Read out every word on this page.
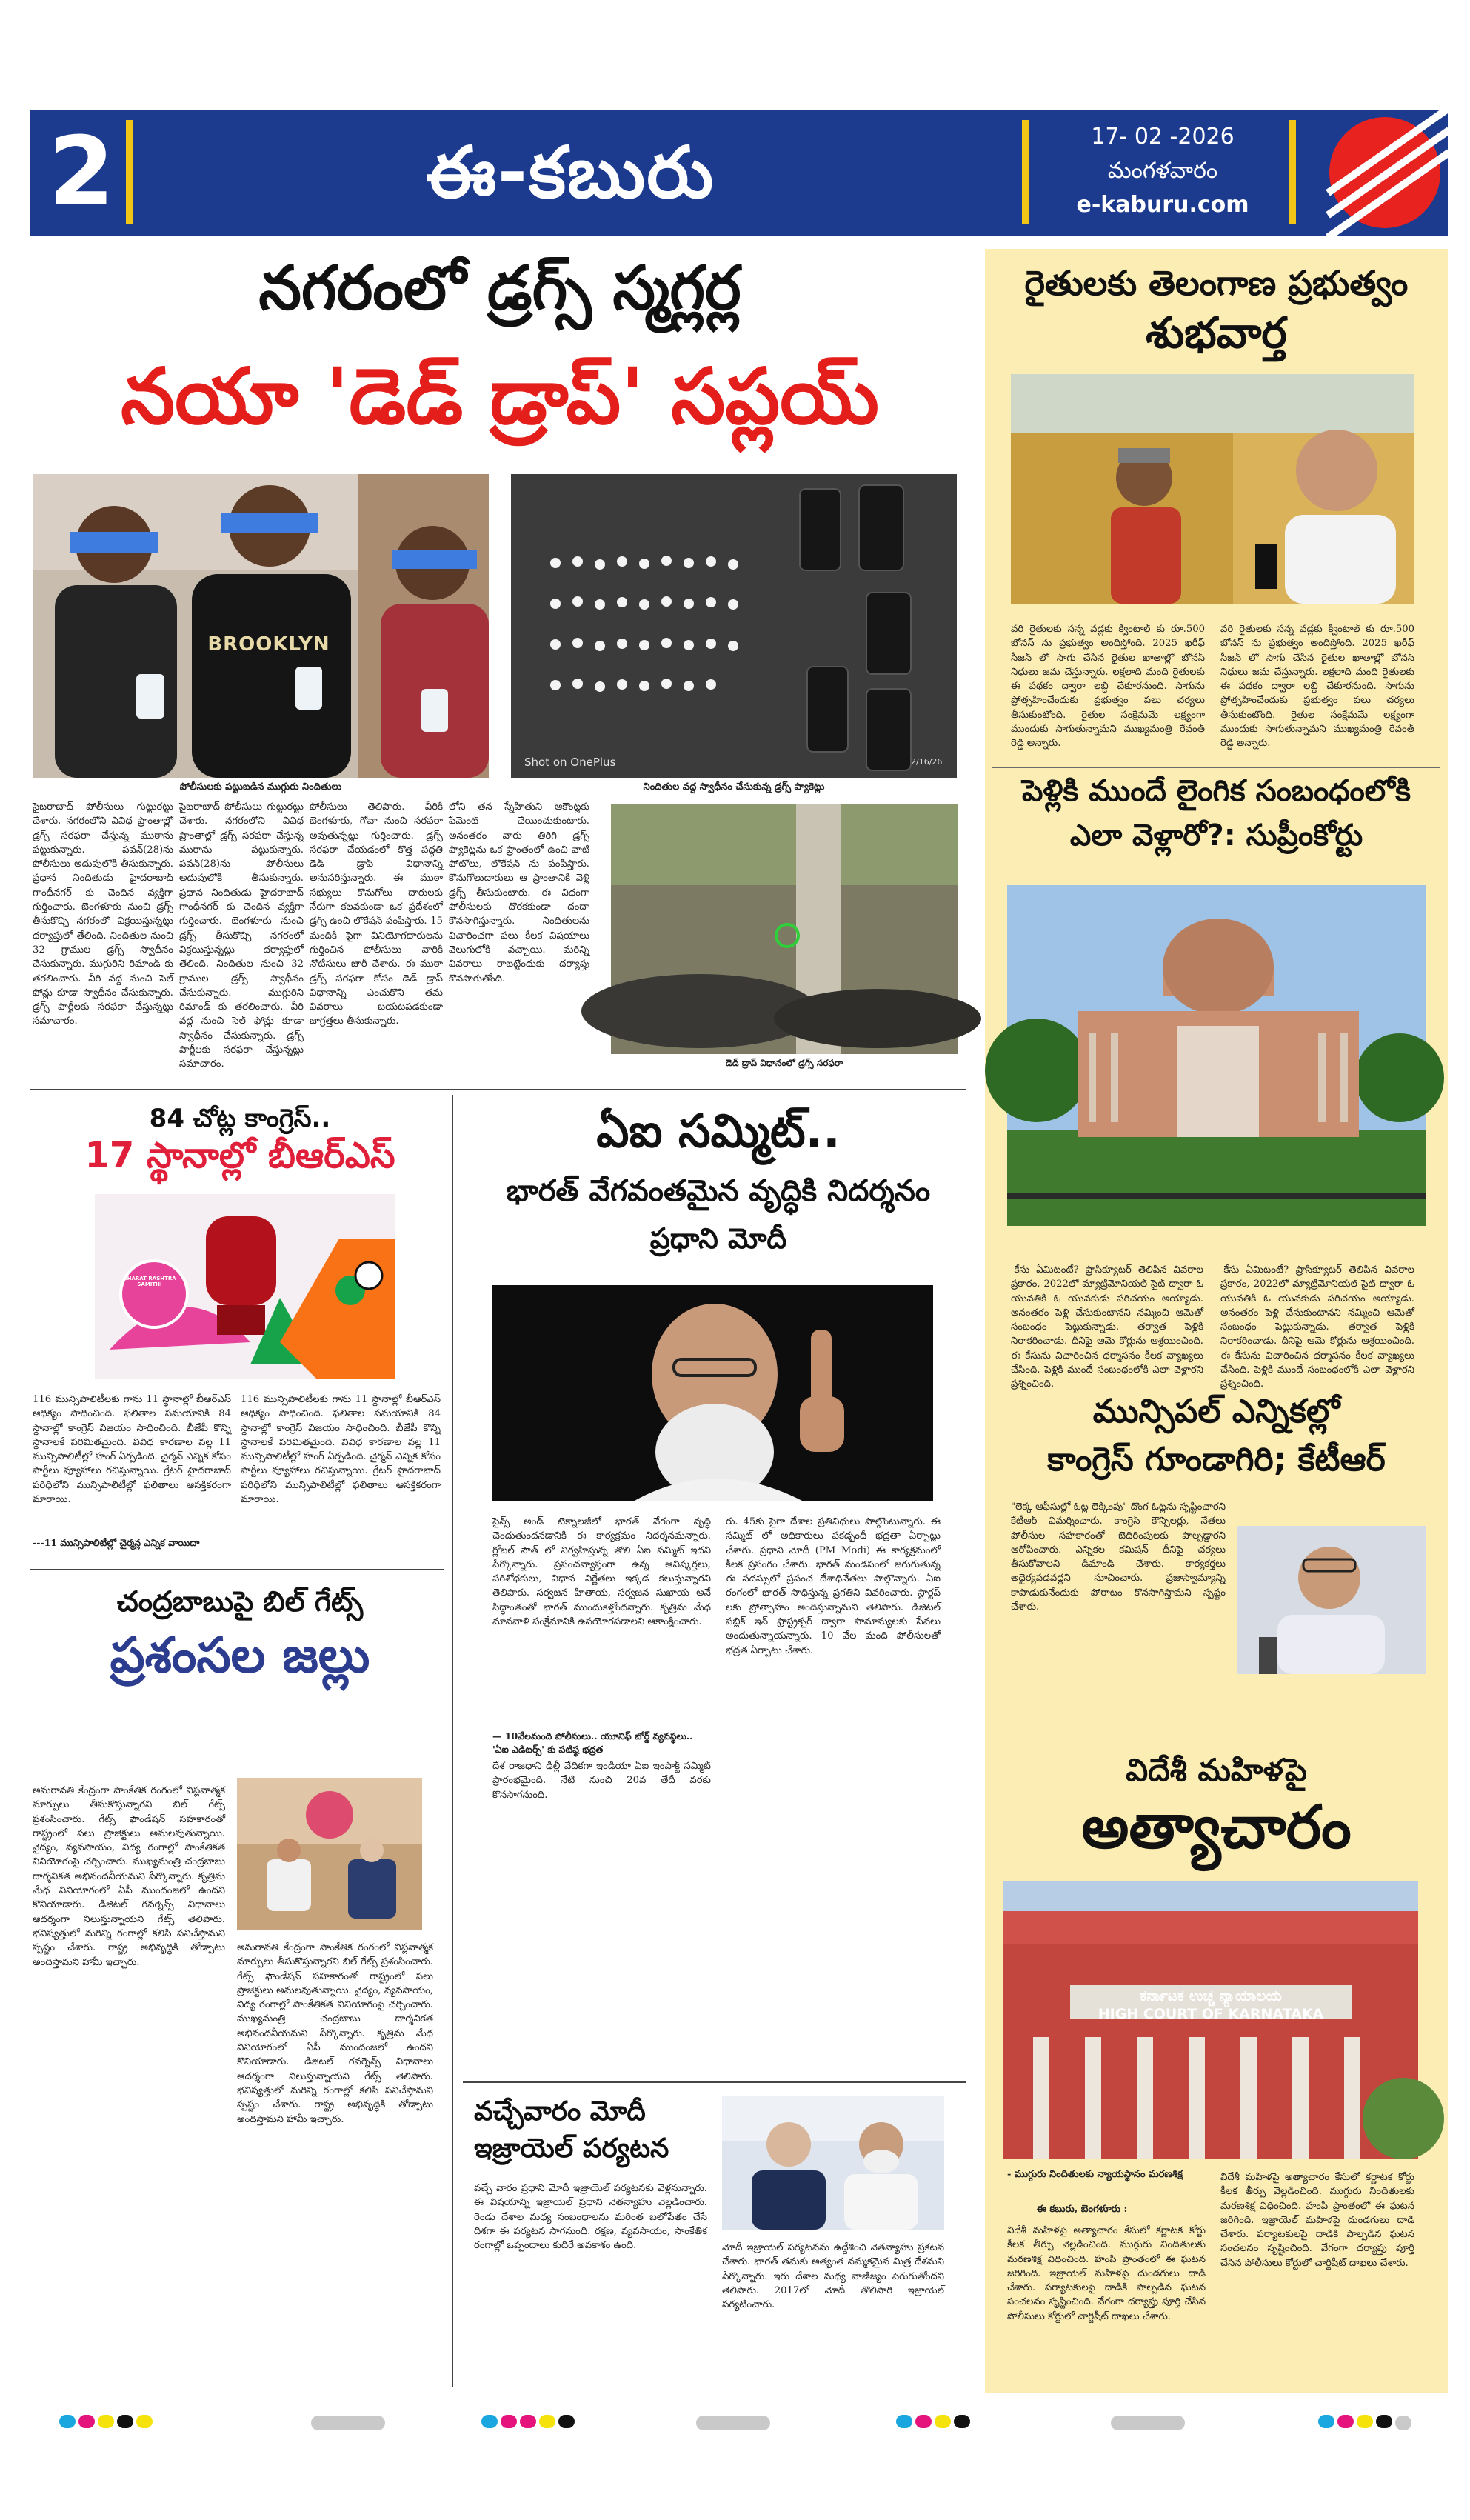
2	ఈ-కబురు	17- 02 -2026
మంగళవారం
e-kaburu.com
నగరంలో డ్రగ్స్ స్మగ్లర్ల
నయా 'డెడ్ డ్రాప్' సప్లయ్
BROOKLYN
పోలీసులకు పట్టుబడిన ముగ్గురు నిందితులు
Shot on OnePlus	2/16/26
నిందితుల వద్ద స్వాధీనం చేసుకున్న డ్రగ్స్ ప్యాకెట్లు
సైబరాబాద్ పోలీసులు గుట్టురట్టు చేశారు. నగరంలోని వివిధ ప్రాంతాల్లో డ్రగ్స్ సరఫరా చేస్తున్న ముఠాను పట్టుకున్నారు. పవన్(28)ను పోలీసులు అదుపులోకి తీసుకున్నారు. ప్రధాన నిందితుడు హైదరాబాద్ గాంధీనగర్ కు చెందిన వ్యక్తిగా గుర్తించారు. బెంగళూరు నుంచి డ్రగ్స్ తీసుకొచ్చి నగరంలో విక్రయిస్తున్నట్లు దర్యాప్తులో తేలింది. నిందితుల నుంచి 32 గ్రాముల డ్రగ్స్ స్వాధీనం చేసుకున్నారు. ముగ్గురిని రిమాండ్ కు తరలించారు. వీరి వద్ద నుంచి సెల్ ఫోన్లు కూడా స్వాధీనం చేసుకున్నారు. డ్రగ్స్ పార్టీలకు సరఫరా చేస్తున్నట్లు సమాచారం.
సైబరాబాద్ పోలీసులు గుట్టురట్టు చేశారు. నగరంలోని వివిధ ప్రాంతాల్లో డ్రగ్స్ సరఫరా చేస్తున్న ముఠాను పట్టుకున్నారు. పవన్(28)ను పోలీసులు అదుపులోకి తీసుకున్నారు. ప్రధాన నిందితుడు హైదరాబాద్ గాంధీనగర్ కు చెందిన వ్యక్తిగా గుర్తించారు. బెంగళూరు నుంచి డ్రగ్స్ తీసుకొచ్చి నగరంలో విక్రయిస్తున్నట్లు దర్యాప్తులో తేలింది. నిందితుల నుంచి 32 గ్రాముల డ్రగ్స్ స్వాధీనం చేసుకున్నారు. ముగ్గురిని రిమాండ్ కు తరలించారు. వీరి వద్ద నుంచి సెల్ ఫోన్లు కూడా స్వాధీనం చేసుకున్నారు. డ్రగ్స్ పార్టీలకు సరఫరా చేస్తున్నట్లు సమాచారం.
పోలీసులు తెలిపారు. వీరికి బెంగళూరు, గోవా నుంచి సరఫరా అవుతున్నట్లు గుర్తించారు. డ్రగ్స్ సరఫరా చేయడంలో కొత్త పద్ధతి డెడ్ డ్రాప్ విధానాన్ని అనుసరిస్తున్నారు. ఈ ముఠా సభ్యులు కొనుగోలు దారులకు నేరుగా కలవకుండా ఒక ప్రదేశంలో డ్రగ్స్ ఉంచి లొకేషన్ పంపిస్తారు. 15 మందికి పైగా వినియోగదారులను గుర్తించిన పోలీసులు వారికి నోటీసులు జారీ చేశారు. ఈ ముఠా డ్రగ్స్ సరఫరా కోసం డెడ్ డ్రాప్ విధానాన్ని ఎంచుకొని తమ వివరాలు బయటపడకుండా జాగ్రత్తలు తీసుకున్నారు.
లోని తన స్నేహితుని ఆకౌంట్లకు పేమెంట్ చేయించుకుంటారు. అనంతరం వారు తిరిగి డ్రగ్స్ ప్యాకెట్లను ఒక ప్రాంతంలో ఉంచి వాటి ఫోటోలు, లొకేషన్ ను పంపిస్తారు. కొనుగోలుదారులు ఆ ప్రాంతానికి వెళ్లి డ్రగ్స్ తీసుకుంటారు. ఈ విధంగా పోలీసులకు దొరకకుండా దందా కొనసాగిస్తున్నారు. నిందితులను విచారించగా పలు కీలక విషయాలు వెలుగులోకి వచ్చాయి. మరిన్ని వివరాలు రాబట్టేందుకు దర్యాప్తు కొనసాగుతోంది.
డెడ్ డ్రాప్ విధానంలో డ్రగ్స్ సరఫరా
84 చోట్ల కాంగ్రెస్..
17 స్థానాల్లో బీఆర్ఎస్
BHARAT RASHTRA SAMITHI
116 మున్సిపాలిటీలకు గాను 11 స్థానాల్లో బీఆర్ఎస్ ఆధిక్యం సాధించింది. ఫలితాల సమయానికి 84 స్థానాల్లో కాంగ్రెస్ విజయం సాధించింది. బీజేపీ కొన్ని స్థానాలకే పరిమితమైంది. వివిధ కారణాల వల్ల 11 మున్సిపాలిటీల్లో హంగ్ ఏర్పడింది. చైర్మన్ ఎన్నిక కోసం పార్టీలు వ్యూహాలు రచిస్తున్నాయి. గ్రేటర్ హైదరాబాద్ పరిధిలోని మున్సిపాలిటీల్లో ఫలితాలు ఆసక్తికరంగా మారాయి.
116 మున్సిపాలిటీలకు గాను 11 స్థానాల్లో బీఆర్ఎస్ ఆధిక్యం సాధించింది. ఫలితాల సమయానికి 84 స్థానాల్లో కాంగ్రెస్ విజయం సాధించింది. బీజేపీ కొన్ని స్థానాలకే పరిమితమైంది. వివిధ కారణాల వల్ల 11 మున్సిపాలిటీల్లో హంగ్ ఏర్పడింది. చైర్మన్ ఎన్నిక కోసం పార్టీలు వ్యూహాలు రచిస్తున్నాయి. గ్రేటర్ హైదరాబాద్ పరిధిలోని మున్సిపాలిటీల్లో ఫలితాలు ఆసక్తికరంగా మారాయి.
---11 మున్సిపాలిటీల్లో చైర్మన్ల ఎన్నిక వాయిదా
చంద్రబాబుపై బిల్ గేట్స్
ప్రశంసల జల్లు
అమరావతి కేంద్రంగా సాంకేతిక రంగంలో విప్లవాత్మక మార్పులు తీసుకొస్తున్నారని బిల్ గేట్స్ ప్రశంసించారు. గేట్స్ ఫౌండేషన్ సహకారంతో రాష్ట్రంలో పలు ప్రాజెక్టులు అమలవుతున్నాయి. వైద్యం, వ్యవసాయం, విద్య రంగాల్లో సాంకేతికత వినియోగంపై చర్చించారు. ముఖ్యమంత్రి చంద్రబాబు దార్శనికత అభినందనీయమని పేర్కొన్నారు. కృత్రిమ మేధ వినియోగంలో ఏపీ ముందంజలో ఉందని కొనియాడారు. డిజిటల్ గవర్నెన్స్ విధానాలు ఆదర్శంగా నిలుస్తున్నాయని గేట్స్ తెలిపారు. భవిష్యత్తులో మరిన్ని రంగాల్లో కలిసి పనిచేస్తామని స్పష్టం చేశారు. రాష్ట్ర అభివృద్ధికి తోడ్పాటు అందిస్తామని హామీ ఇచ్చారు.
అమరావతి కేంద్రంగా సాంకేతిక రంగంలో విప్లవాత్మక మార్పులు తీసుకొస్తున్నారని బిల్ గేట్స్ ప్రశంసించారు. గేట్స్ ఫౌండేషన్ సహకారంతో రాష్ట్రంలో పలు ప్రాజెక్టులు అమలవుతున్నాయి. వైద్యం, వ్యవసాయం, విద్య రంగాల్లో సాంకేతికత వినియోగంపై చర్చించారు. ముఖ్యమంత్రి చంద్రబాబు దార్శనికత అభినందనీయమని పేర్కొన్నారు. కృత్రిమ మేధ వినియోగంలో ఏపీ ముందంజలో ఉందని కొనియాడారు. డిజిటల్ గవర్నెన్స్ విధానాలు ఆదర్శంగా నిలుస్తున్నాయని గేట్స్ తెలిపారు. భవిష్యత్తులో మరిన్ని రంగాల్లో కలిసి పనిచేస్తామని స్పష్టం చేశారు. రాష్ట్ర అభివృద్ధికి తోడ్పాటు అందిస్తామని హామీ ఇచ్చారు.
ఏఐ సమ్మిట్..
భారత్ వేగవంతమైన వృద్ధికి నిదర్శనం
ప్రధాని మోదీ
సైన్స్ అండ్ టెక్నాలజీలో భారత్ వేగంగా వృద్ధి చెందుతుందనడానికి ఈ కార్యక్రమం నిదర్శనమన్నారు. గ్లోబల్ సౌత్ లో నిర్వహిస్తున్న తొలి ఏఐ సమ్మిట్ ఇదని పేర్కొన్నారు. ప్రపంచవ్యాప్తంగా ఉన్న ఆవిష్కర్తలు, పరిశోధకులు, విధాన నిర్ణేతలు ఇక్కడ కలుస్తున్నారని తెలిపారు. సర్వజన హితాయ, సర్వజన సుఖాయ అనే సిద్ధాంతంతో భారత్ ముందుకెళ్తోందన్నారు. కృత్రిమ మేధ మానవాళి సంక్షేమానికి ఉపయోగపడాలని ఆకాంక్షించారు.
— 10వేలమంది పోలీసులు.. యూనిఫ్ బోర్డ్ వ్యవస్థలు.. 'ఏఐ ఎడిటర్స్' కు పటిష్ఠ భద్రత
దేశ రాజధాని ఢిల్లీ వేదికగా ఇండియా ఏఐ ఇంపాక్ట్ సమ్మిట్ ప్రారంభమైంది. నేటి నుంచి 20వ తేదీ వరకు కొనసాగనుంది.
రు. 45కు పైగా దేశాల ప్రతినిధులు పాల్గొంటున్నారు. ఈ సమ్మిట్ లో అధికారులు పకడ్బందీ భద్రతా ఏర్పాట్లు చేశారు. ప్రధాని మోదీ (PM Modi) ఈ కార్యక్రమంలో కీలక ప్రసంగం చేశారు. భారత్ మండపంలో జరుగుతున్న ఈ సదస్సులో ప్రపంచ దేశాధినేతలు పాల్గొన్నారు. ఏఐ రంగంలో భారత్ సాధిస్తున్న ప్రగతిని వివరించారు. స్టార్టప్ లకు ప్రోత్సాహం అందిస్తున్నామని తెలిపారు. డిజిటల్ పబ్లిక్ ఇన్ ఫ్రాస్ట్రక్చర్ ద్వారా సామాన్యులకు సేవలు అందుతున్నాయన్నారు. 10 వేల మంది పోలీసులతో భద్రత ఏర్పాటు చేశారు.
వచ్చేవారం మోదీ
ఇజ్రాయెల్ పర్యటన
వచ్చే వారం ప్రధాని మోదీ ఇజ్రాయెల్ పర్యటనకు వెళ్లనున్నారు. ఈ విషయాన్ని ఇజ్రాయెల్ ప్రధాని నెతన్యాహు వెల్లడించారు. రెండు దేశాల మధ్య సంబంధాలను మరింత బలోపేతం చేసే దిశగా ఈ పర్యటన సాగనుంది. రక్షణ, వ్యవసాయం, సాంకేతిక రంగాల్లో ఒప్పందాలు కుదిరే అవకాశం ఉంది.	మోదీ ఇజ్రాయెల్ పర్యటనను ఉద్దేశించి నెతన్యాహు ప్రకటన చేశారు. భారత్ తమకు అత్యంత నమ్మకమైన మిత్ర దేశమని పేర్కొన్నారు. ఇరు దేశాల మధ్య వాణిజ్యం పెరుగుతోందని తెలిపారు. 2017లో మోదీ తొలిసారి ఇజ్రాయెల్ పర్యటించారు.
రైతులకు తెలంగాణ ప్రభుత్వం
శుభవార్త
వరి రైతులకు సన్న వడ్లకు క్వింటాల్ కు రూ.500 బోనస్ ను ప్రభుత్వం అందిస్తోంది. 2025 ఖరీఫ్ సీజన్ లో సాగు చేసిన రైతుల ఖాతాల్లో బోనస్ నిధులు జమ చేస్తున్నారు. లక్షలాది మంది రైతులకు ఈ పథకం ద్వారా లబ్ధి చేకూరనుంది. సాగును ప్రోత్సహించేందుకు ప్రభుత్వం పలు చర్యలు తీసుకుంటోంది. రైతుల సంక్షేమమే లక్ష్యంగా ముందుకు సాగుతున్నామని ముఖ్యమంత్రి రేవంత్ రెడ్డి అన్నారు.
వరి రైతులకు సన్న వడ్లకు క్వింటాల్ కు రూ.500 బోనస్ ను ప్రభుత్వం అందిస్తోంది. 2025 ఖరీఫ్ సీజన్ లో సాగు చేసిన రైతుల ఖాతాల్లో బోనస్ నిధులు జమ చేస్తున్నారు. లక్షలాది మంది రైతులకు ఈ పథకం ద్వారా లబ్ధి చేకూరనుంది. సాగును ప్రోత్సహించేందుకు ప్రభుత్వం పలు చర్యలు తీసుకుంటోంది. రైతుల సంక్షేమమే లక్ష్యంగా ముందుకు సాగుతున్నామని ముఖ్యమంత్రి రేవంత్ రెడ్డి అన్నారు.
పెళ్లికి ముందే లైంగిక సంబంధంలోకి
ఎలా వెళ్లారో?: సుప్రీంకోర్టు
-కేసు ఏమిటంటే? ప్రాసిక్యూటర్ తెలిపిన వివరాల ప్రకారం, 2022లో మ్యాట్రిమోనియల్ సైట్ ద్వారా ఓ యువతికి ఓ యువకుడు పరిచయం అయ్యాడు. అనంతరం పెళ్లి చేసుకుంటానని నమ్మించి ఆమెతో సంబంధం పెట్టుకున్నాడు. తర్వాత పెళ్లికి నిరాకరించాడు. దీనిపై ఆమె కోర్టును ఆశ్రయించింది. ఈ కేసును విచారించిన ధర్మాసనం కీలక వ్యాఖ్యలు చేసింది. పెళ్లికి ముందే సంబంధంలోకి ఎలా వెళ్లారని ప్రశ్నించింది.
-కేసు ఏమిటంటే? ప్రాసిక్యూటర్ తెలిపిన వివరాల ప్రకారం, 2022లో మ్యాట్రిమోనియల్ సైట్ ద్వారా ఓ యువతికి ఓ యువకుడు పరిచయం అయ్యాడు. అనంతరం పెళ్లి చేసుకుంటానని నమ్మించి ఆమెతో సంబంధం పెట్టుకున్నాడు. తర్వాత పెళ్లికి నిరాకరించాడు. దీనిపై ఆమె కోర్టును ఆశ్రయించింది. ఈ కేసును విచారించిన ధర్మాసనం కీలక వ్యాఖ్యలు చేసింది. పెళ్లికి ముందే సంబంధంలోకి ఎలా వెళ్లారని ప్రశ్నించింది.
మున్సిపల్ ఎన్నికల్లో
కాంగ్రెస్ గూండాగిరి; కేటీఆర్
"లెక్క ఆఫీసుల్లో ఓట్ల లెక్కింపు" దొంగ ఓట్లను సృష్టించారని కేటీఆర్ విమర్శించారు. కాంగ్రెస్ కౌన్సిలర్లు, నేతలు పోలీసుల సహకారంతో బెదిరింపులకు పాల్పడ్డారని ఆరోపించారు. ఎన్నికల కమిషన్ దీనిపై చర్యలు తీసుకోవాలని డిమాండ్ చేశారు. కార్యకర్తలు అధైర్యపడవద్దని సూచించారు. ప్రజాస్వామ్యాన్ని కాపాడుకునేందుకు పోరాటం కొనసాగిస్తామని స్పష్టం చేశారు.
విదేశీ మహిళపై
అత్యాచారం
ಕರ್ನಾಟಕ ಉಚ್ಚ ನ್ಯಾಯಾಲಯ
HIGH COURT OF KARNATAKA
- ముగ్గురు నిందితులకు న్యాయస్థానం మరణశిక్ష
ఈ కబురు, బెంగళూరు :
విదేశీ మహిళపై అత్యాచారం కేసులో కర్ణాటక కోర్టు కీలక తీర్పు వెల్లడించింది. ముగ్గురు నిందితులకు మరణశిక్ష విధించింది. హంపి ప్రాంతంలో ఈ ఘటన జరిగింది. ఇజ్రాయెల్ మహిళపై దుండగులు దాడి చేశారు. పర్యాటకులపై దాడికి పాల్పడిన ఘటన సంచలనం సృష్టించింది. వేగంగా దర్యాప్తు పూర్తి చేసిన పోలీసులు కోర్టులో చార్జిషీట్ దాఖలు చేశారు.
విదేశీ మహిళపై అత్యాచారం కేసులో కర్ణాటక కోర్టు కీలక తీర్పు వెల్లడించింది. ముగ్గురు నిందితులకు మరణశిక్ష విధించింది. హంపి ప్రాంతంలో ఈ ఘటన జరిగింది. ఇజ్రాయెల్ మహిళపై దుండగులు దాడి చేశారు. పర్యాటకులపై దాడికి పాల్పడిన ఘటన సంచలనం సృష్టించింది. వేగంగా దర్యాప్తు పూర్తి చేసిన పోలీసులు కోర్టులో చార్జిషీట్ దాఖలు చేశారు.
